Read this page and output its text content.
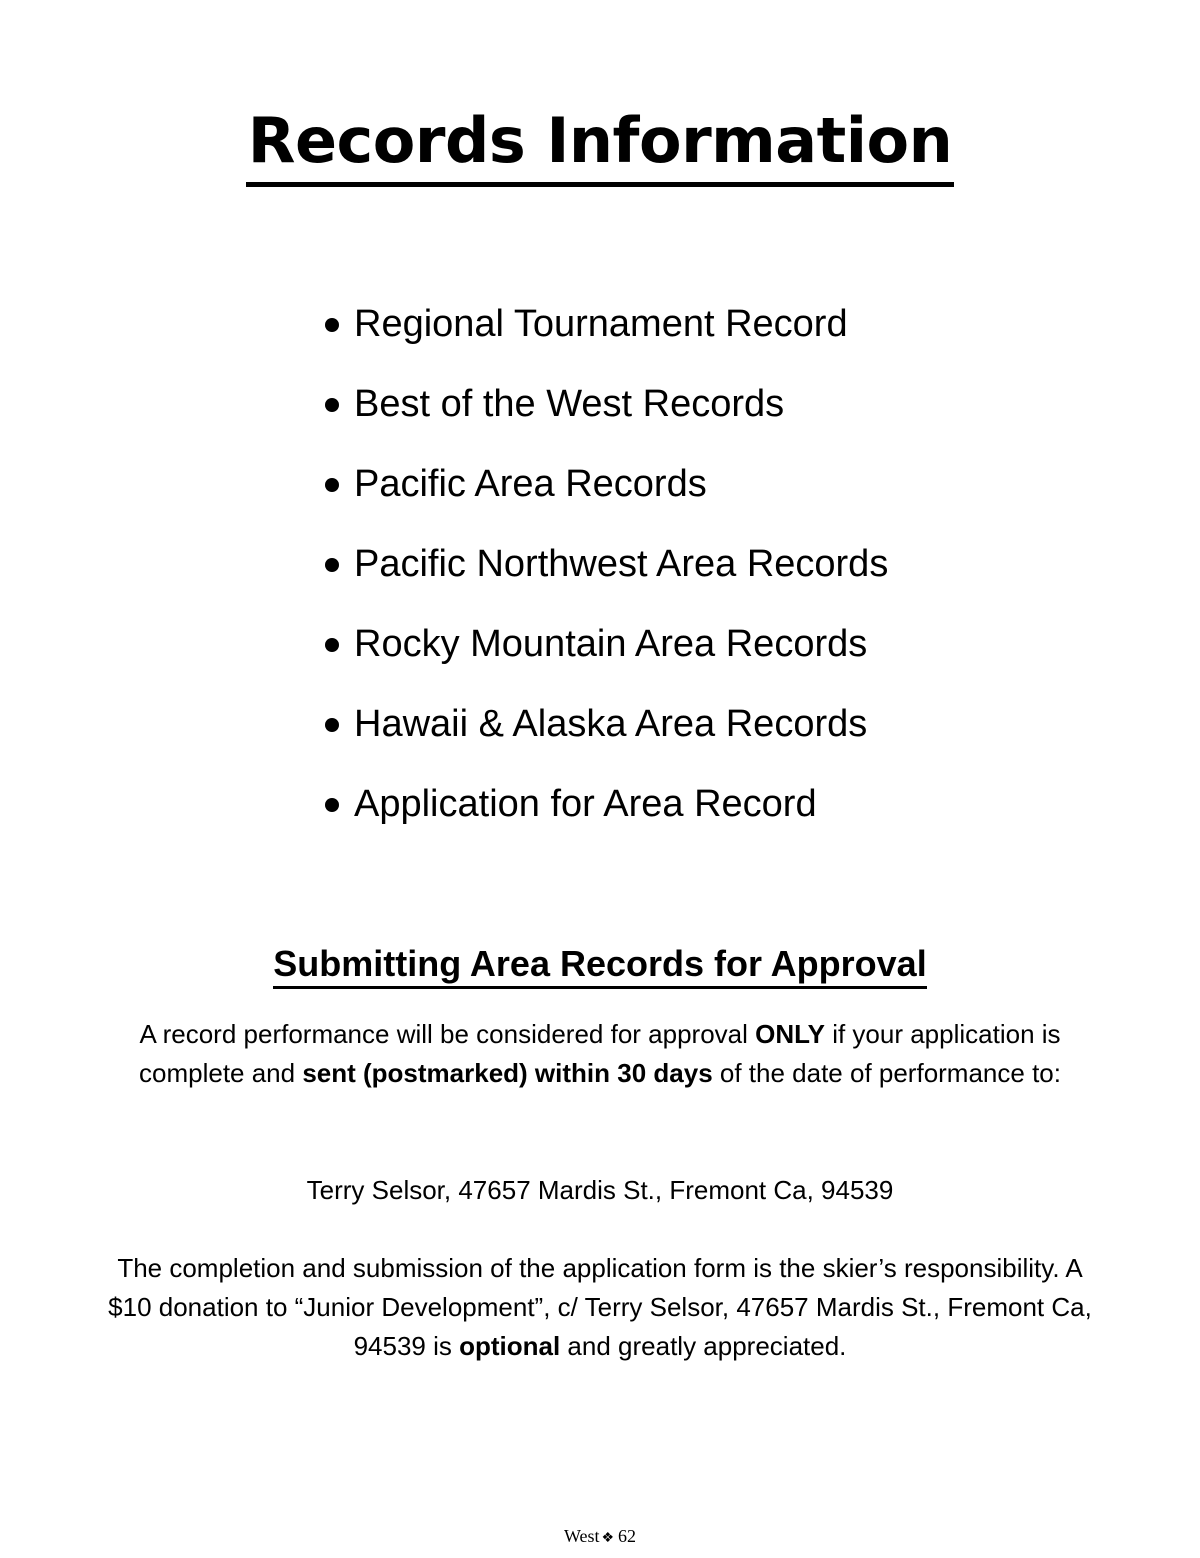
Records Information
Regional Tournament Record
Best of the West Records
Pacific Area Records
Pacific Northwest Area Records
Rocky Mountain Area Records
Hawaii & Alaska Area Records
Application for Area Record
Submitting Area Records for Approval

A record performance will be considered for approval ONLY if your application is complete and sent (postmarked) within 30 days of the date of performance to:

Terry Selsor, 47657 Mardis St., Fremont Ca, 94539

The completion and submission of the application form is the skier’s responsibility. A $10 donation to “Junior Development”, c/ Terry Selsor, 47657 Mardis St., Fremont Ca, 94539 is optional and greatly appreciated.

West ❖ 62
